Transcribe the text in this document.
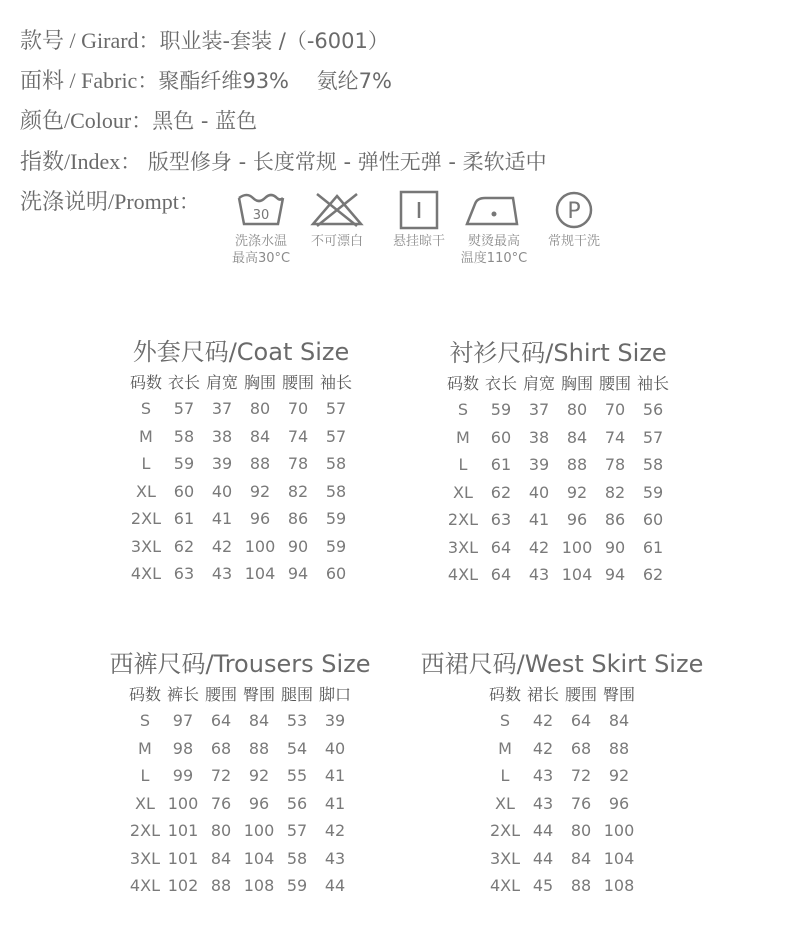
款号 / Girard：职业装-套装 /（-6001）
面料 / Fabric：聚酯纤维93%　 氨纶7%
颜色/Colour：黑色 - 蓝色
指数/Index： 版型修身 - 长度常规 - 弹性无弹 - 柔软适中
洗涤说明/Prompt：
30
洗涤水温
最高30°C
不可漂白	悬挂晾干	熨烫最高
温度110°C
P
常规干洗
外套尺码/Coat Size
码数	衣长	肩宽	胸围	腰围	袖长
S	57	37	80	70	57
M	58	38	84	74	57
L	59	39	88	78	58
XL	60	40	92	82	58
2XL	61	41	96	86	59
3XL	62	42	100	90	59
4XL	63	43	104	94	60
衬衫尺码/Shirt Size
码数	衣长	肩宽	胸围	腰围	袖长
S	59	37	80	70	56
M	60	38	84	74	57
L	61	39	88	78	58
XL	62	40	92	82	59
2XL	63	41	96	86	60
3XL	64	42	100	90	61
4XL	64	43	104	94	62
西裤尺码/Trousers Size
码数	裤长	腰围	臀围	腿围	脚口
S	97	64	84	53	39
M	98	68	88	54	40
L	99	72	92	55	41
XL	100	76	96	56	41
2XL	101	80	100	57	42
3XL	101	84	104	58	43
4XL	102	88	108	59	44
西裙尺码/West Skirt Size
码数	裙长	腰围	臀围
S	42	64	84
M	42	68	88
L	43	72	92
XL	43	76	96
2XL	44	80	100
3XL	44	84	104
4XL	45	88	108
